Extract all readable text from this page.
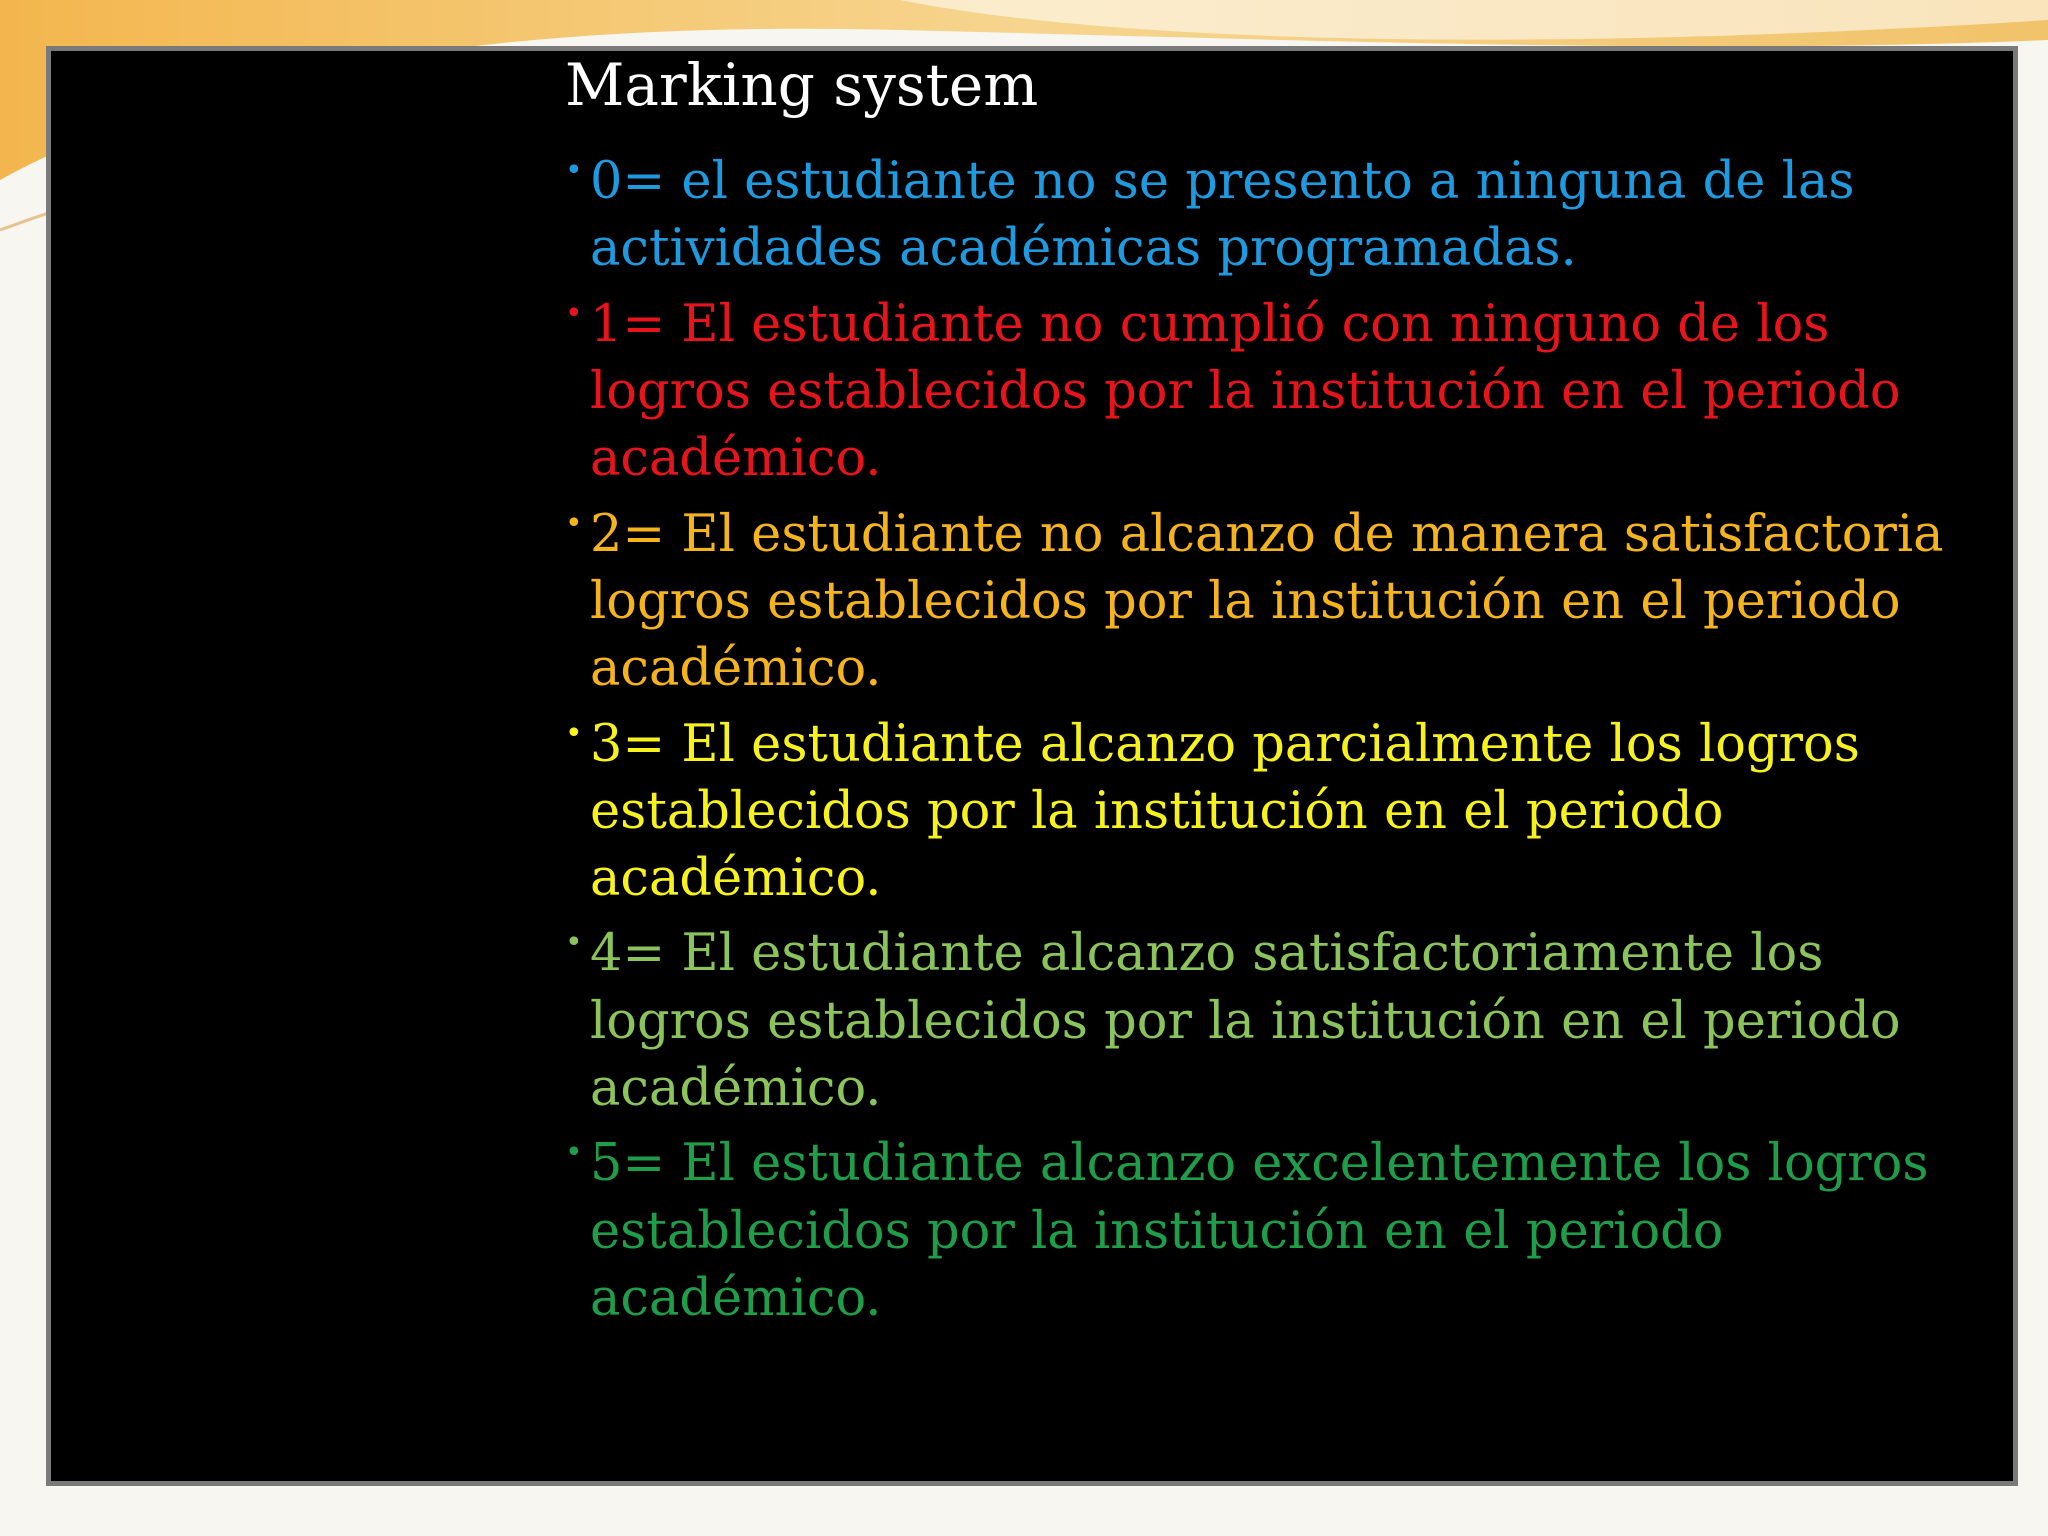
Marking system
• 0= el estudiante no se presento a ninguna de las actividades académicas programadas.
• 1= El estudiante no cumplió con ninguno de los logros establecidos por la institución en el periodo académico.
• 2= El estudiante no alcanzo de manera satisfactoria logros establecidos por la institución en el periodo académico.
• 3= El estudiante alcanzo parcialmente los logros establecidos por la institución en el periodo académico.
• 4= El estudiante alcanzo satisfactoriamente los logros establecidos por la institución en el periodo académico.
• 5= El estudiante alcanzo excelentemente los logros establecidos por la institución en el periodo académico.
